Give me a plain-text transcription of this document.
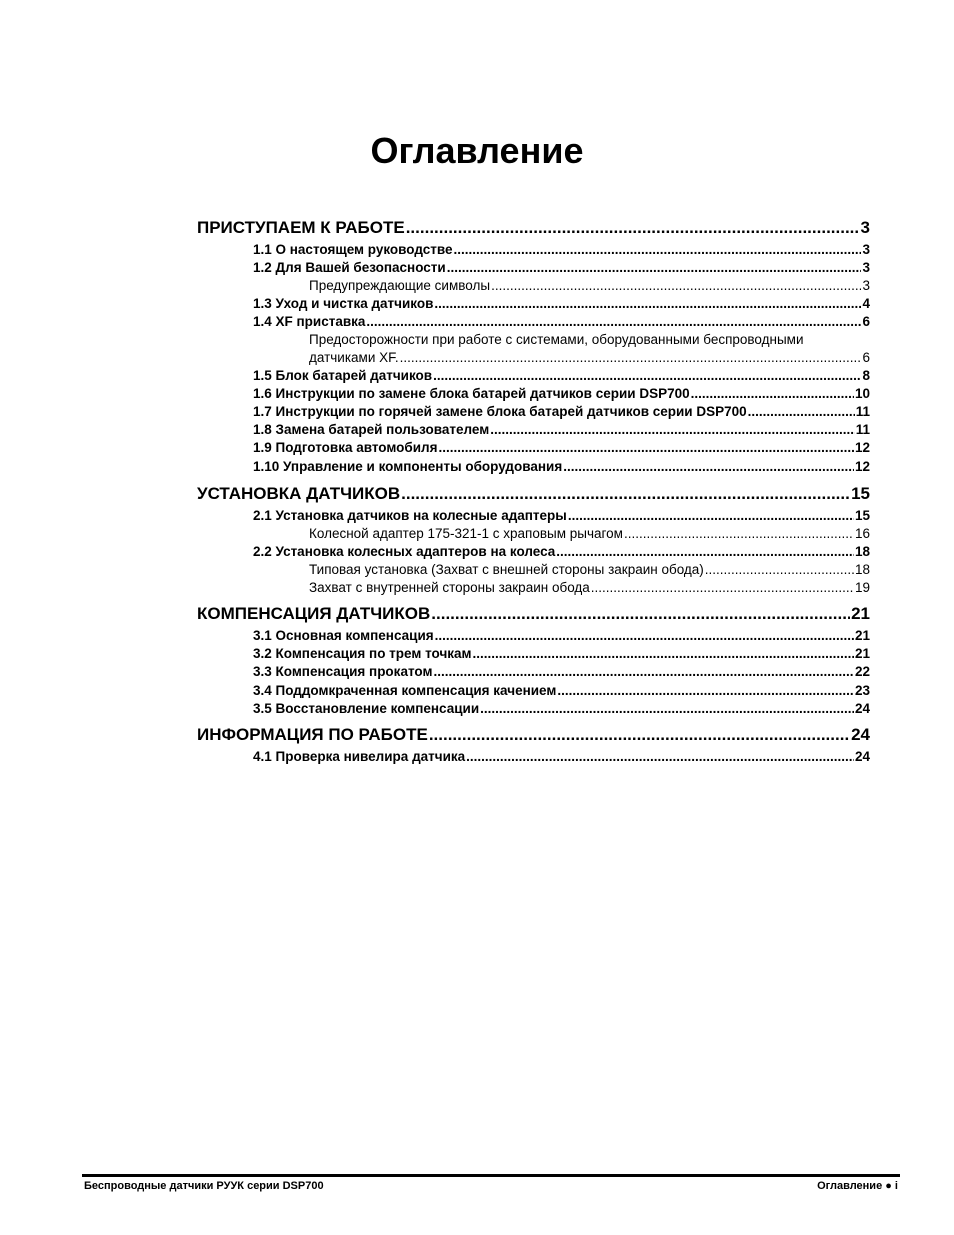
Оглавление
ПРИСТУПАЕМ К РАБОТЕ .....	3
1.1 О настоящем руководстве .....	3
1.2 Для Вашей безопасности .....	3
Предупреждающие символы .....	3
1.3 Уход и чистка датчиков .....	4
1.4 XF приставка .....	6
Предосторожности при работе с системами, оборудованными беспроводными
датчиками XF. .....	6
1.5 Блок батарей датчиков .....	8
1.6 Инструкции по замене блока батарей датчиков серии DSP700 .....	10
1.7 Инструкции по горячей замене блока батарей датчиков серии DSP700 .....	11
1.8 Замена батарей пользователем .....	11
1.9 Подготовка автомобиля .....	12
1.10 Управление и компоненты оборудования .....	12
УСТАНОВКА ДАТЧИКОВ .....	15
2.1 Установка датчиков на колесные адаптеры .....	15
Колесной адаптер 175-321-1 с храповым рычагом .....	16
2.2 Установка колесных адаптеров на колеса .....	18
Типовая установка (Захват с внешней стороны закраин обода) .....	18
Захват с внутренней стороны закраин обода .....	19
КОМПЕНСАЦИЯ ДАТЧИКОВ .....	21
3.1 Основная компенсация .....	21
3.2 Компенсация по трем точкам .....	21
3.3 Компенсация прокатом .....	22
3.4 Поддомкраченная компенсация качением .....	23
3.5 Восстановление компенсации .....	24
ИНФОРМАЦИЯ ПО РАБОТЕ .....	24
4.1 Проверка нивелира датчика .....	24
Беспроводные датчики РУУК серии DSP700	Оглавление ● i
